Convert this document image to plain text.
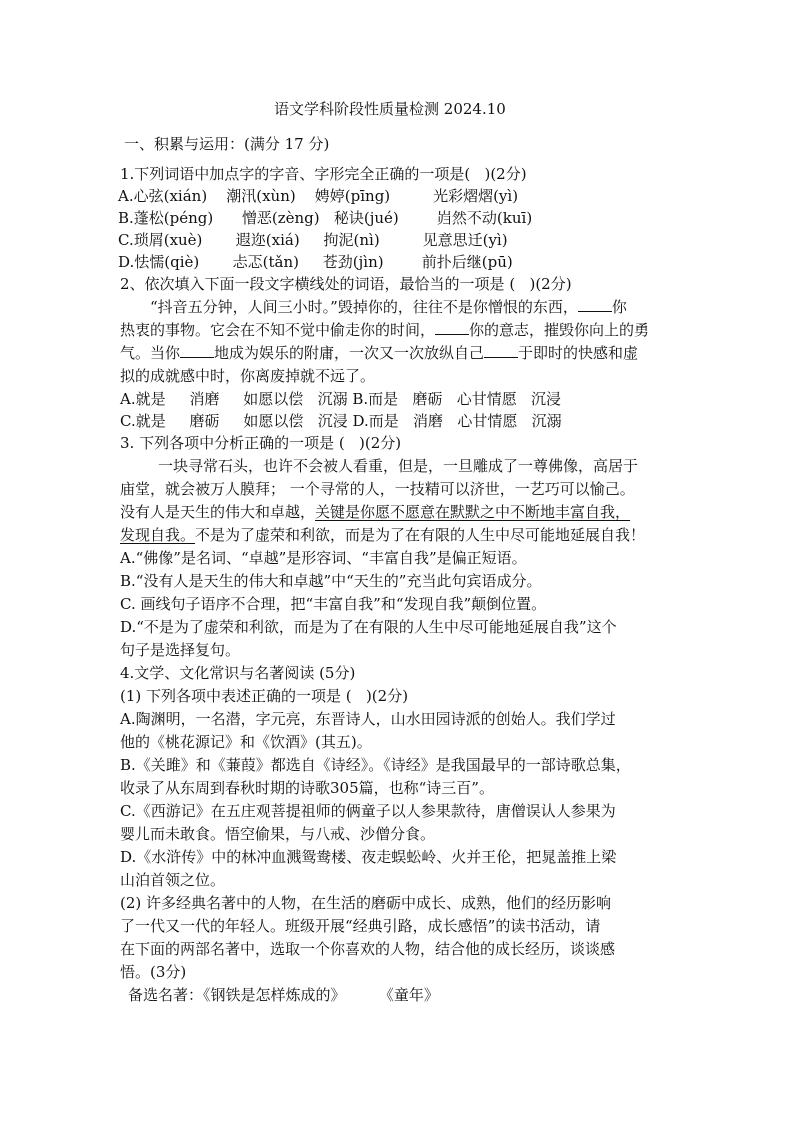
语文学科阶段性质量检测 2024.10
一、积累与运用：(满分 17 分)
1.下列词语中加点字的字音、字形完全正确的一项是(   )(2分)
A.心弦(xián)    潮汛(xùn)    娉婷(pīng)         光彩熠熠(yì)
B.蓬松(péng)      憎恶(zèng)   秘诀(jué)        岿然不动(kuī)
C.琐屑(xuè)       遐迩(xiá)     拘泥(nì)         见意思迁(yì)
D.怯懦(qiè)       忐忑(tǎn)     苍劲(jìn)        前扑后继(pū)
2、依次填入下面一段文字横线处的词语，最恰当的一项是 (   )(2分)
“抖音五分钟，人间三小时。”毁掉你的，往往不是你憎恨的东西， 你
热衷的事物。它会在不知不觉中偷走你的时间， 你的意志，摧毁你向上的勇
气。当你 地成为娱乐的附庸，一次又一次放纵自己 于即时的快感和虚
拟的成就感中时，你离废掉就不远了。
A.就是     消磨     如愿以偿   沉溺 B.而是   磨砺   心甘情愿   沉浸
C.就是     磨砺     如愿以偿   沉浸 D.而是   消磨   心甘情愿   沉溺
3. 下列各项中分析正确的一项是 (   )(2分)
一块寻常石头，也许不会被人看重，但是，一旦雕成了一尊佛像，高居于
庙堂，就会被万人膜拜； 一个寻常的人，一技精可以济世，一艺巧可以愉己。
没有人是天生的伟大和卓越，关键是你愿不愿意在默默之中不断地丰富自我，
发现自我。不是为了虚荣和利欲，而是为了在有限的人生中尽可能地延展自我！
A.“佛像”是名词、“卓越”是形容词、“丰富自我”是偏正短语。
B.“没有人是天生的伟大和卓越”中“天生的”充当此句宾语成分。
C. 画线句子语序不合理，把“丰富自我”和“发现自我”颠倒位置。
D.“不是为了虚荣和利欲，而是为了在有限的人生中尽可能地延展自我”这个
句子是选择复句。
4.文学、文化常识与名著阅读 (5分)
(1) 下列各项中表述正确的一项是 (   )(2分)
A.陶渊明，一名潜，字元亮，东晋诗人，山水田园诗派的创始人。我们学过
他的《桃花源记》和《饮酒》(其五)。
B.《关雎》和《蒹葭》都选自《诗经》。《诗经》是我国最早的一部诗歌总集，
收录了从东周到春秋时期的诗歌305篇，也称“诗三百”。
C.《西游记》在五庄观菩提祖师的俩童子以人参果款待，唐僧误认人参果为
婴儿而未敢食。悟空偷果，与八戒、沙僧分食。
D.《水浒传》中的林冲血溅鸳鸯楼、夜走蜈蚣岭、火并王伦，把晁盖推上梁
山泊首领之位。
(2) 许多经典名著中的人物，在生活的磨砺中成长、成熟，他们的经历影响
了一代又一代的年轻人。班级开展“经典引路，成长感悟”的读书活动，请
在下面的两部名著中，选取一个你喜欢的人物，结合他的成长经历，谈谈感
悟。(3分)
备选名著：《钢铁是怎样炼成的》       《童年》
